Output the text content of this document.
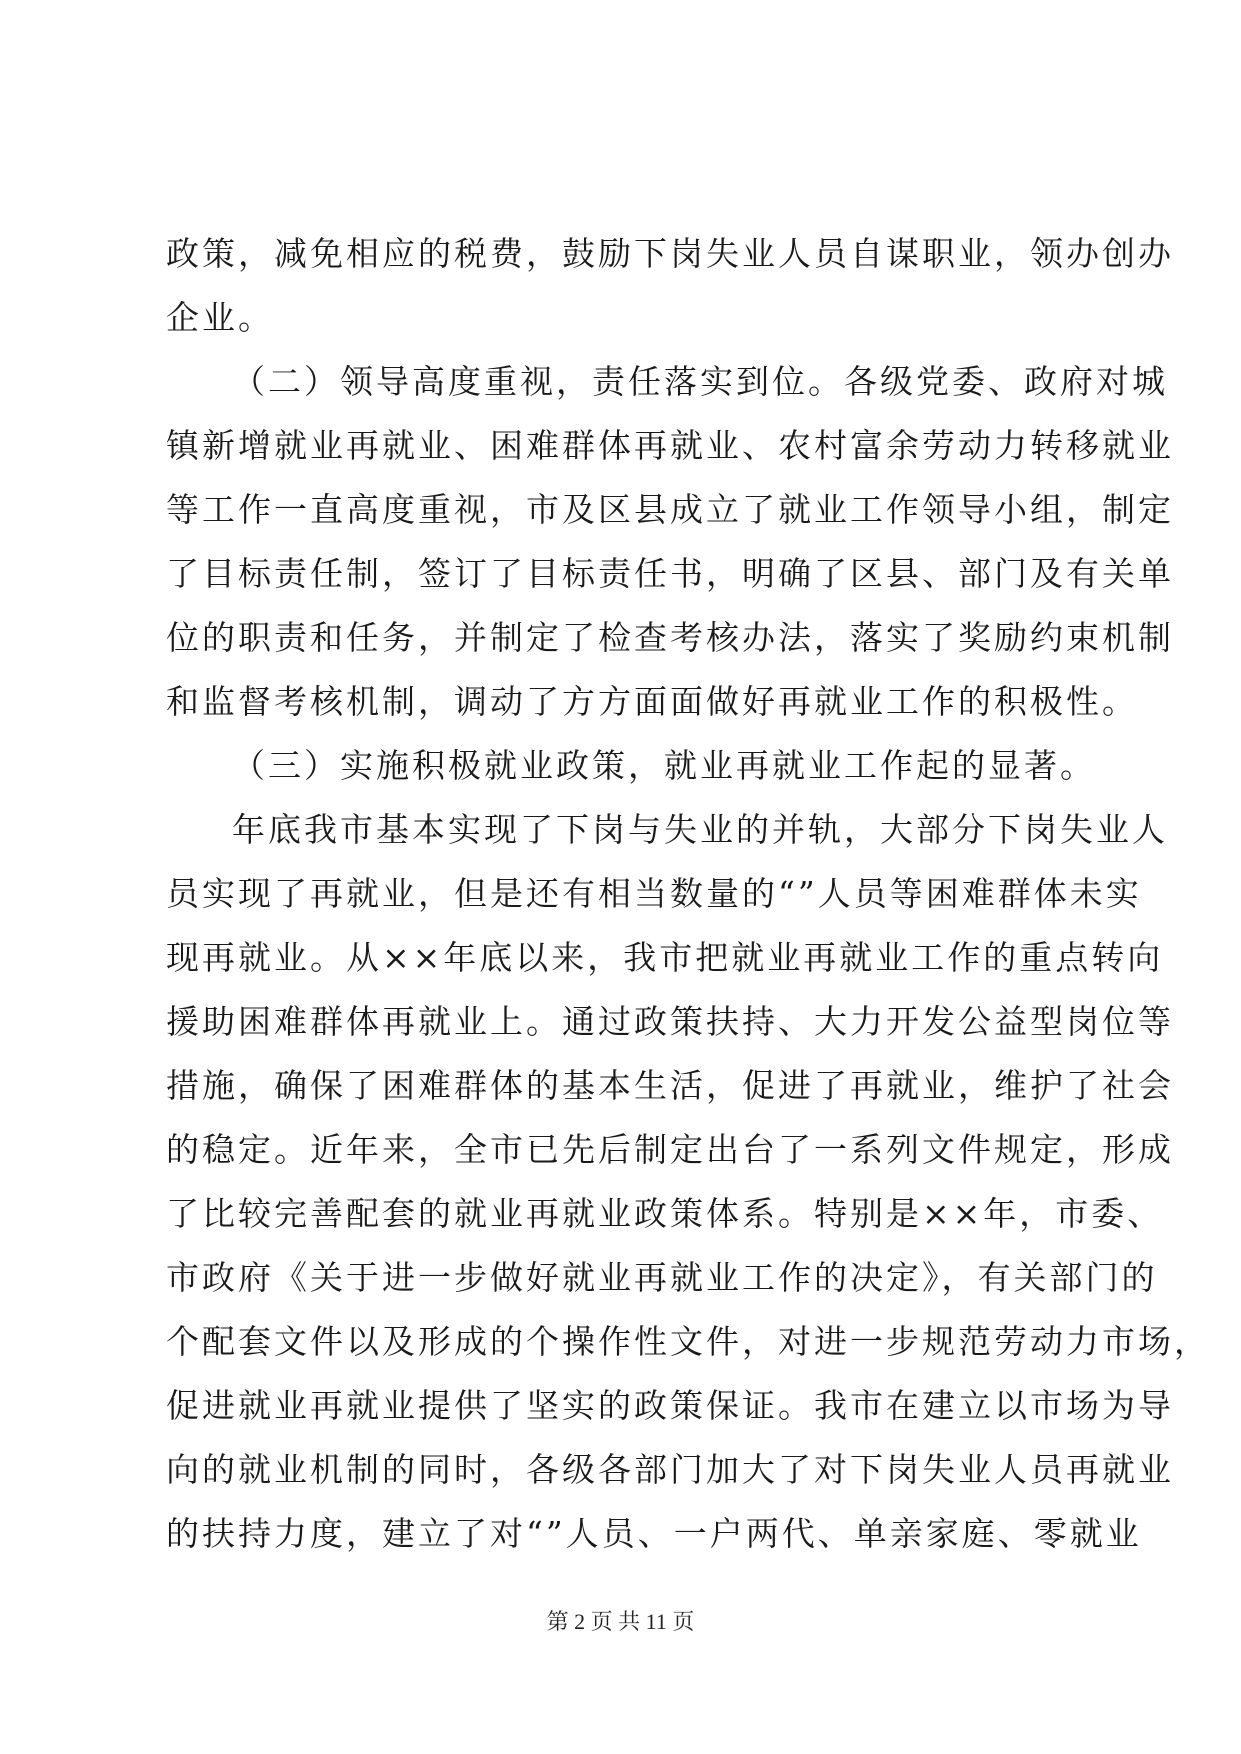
政策，减免相应的税费，鼓励下岗失业人员自谋职业，领办创办
企业。
（二）领导高度重视，责任落实到位。各级党委、政府对城
镇新增就业再就业、困难群体再就业、农村富余劳动力转移就业
等工作一直高度重视，市及区县成立了就业工作领导小组，制定
了目标责任制，签订了目标责任书，明确了区县、部门及有关单
位的职责和任务，并制定了检查考核办法，落实了奖励约束机制
和监督考核机制，调动了方方面面做好再就业工作的积极性。
（三）实施积极就业政策，就业再就业工作起的显著。
年底我市基本实现了下岗与失业的并轨，大部分下岗失业人
员实现了再就业，但是还有相当数量的“”人员等困难群体未实
现再就业。从××年底以来，我市把就业再就业工作的重点转向
援助困难群体再就业上。通过政策扶持、大力开发公益型岗位等
措施，确保了困难群体的基本生活，促进了再就业，维护了社会
的稳定。近年来，全市已先后制定出台了一系列文件规定，形成
了比较完善配套的就业再就业政策体系。特别是××年，市委、
市政府《关于进一步做好就业再就业工作的决定》，有关部门的
个配套文件以及形成的个操作性文件，对进一步规范劳动力市场，
促进就业再就业提供了坚实的政策保证。我市在建立以市场为导
向的就业机制的同时，各级各部门加大了对下岗失业人员再就业
的扶持力度，建立了对“”人员、一户两代、单亲家庭、零就业
第 2 页 共 11 页
